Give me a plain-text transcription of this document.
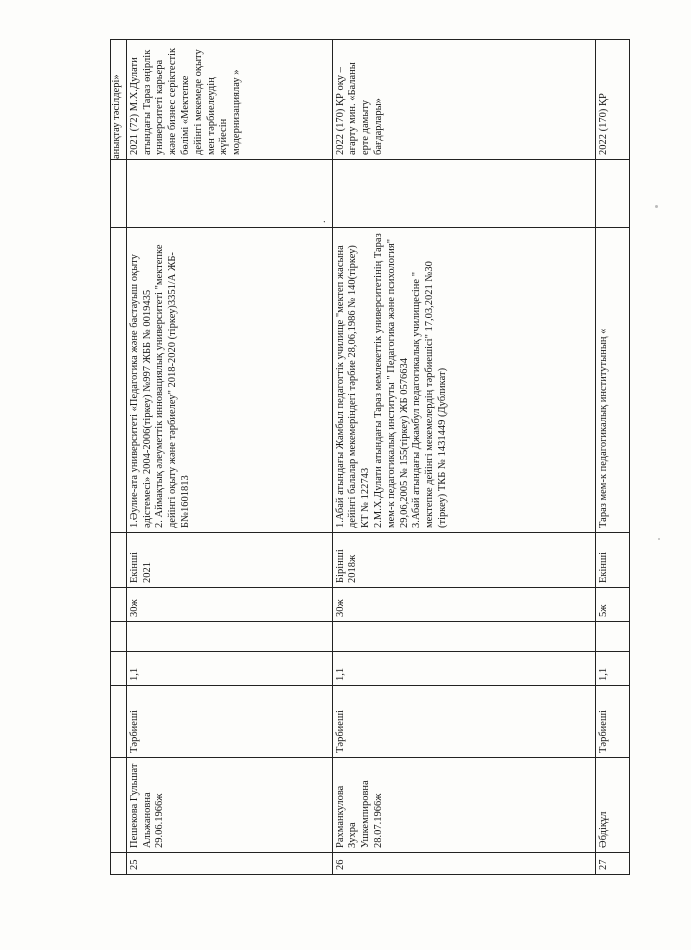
									анықтау тәсілдері»
25	Пешекова Гульшат Альжановна 29.06.1966ж	Тәрбиеші	1,1		30ж	Екінші 2021	1.Әулие-ата университеті «Педагогика және бастауыш оқыту әдістемесі» 2004-2006(тіркеу) №997 ЖББ № 0019435
2. Аймақтық әлеуметтік инновациялық университеті "мектепке дейінгі оқыту және тәрбиелеу" 2018-2020 (тіркеу)3351/А ЖБ-Б№1601813	.	2021 (72) М.Х.Дулати атындағы Тараз өңірлік университеті карьера және бизнес серіктестік бөлімі «Мектепке дейінгі мекемеде оқыту мен тәрбиелеудің жүйесін модернизациялау »
26	Рахманкулова Зухра Ушкемпировна 28.07.1966ж	Тәрбиеші	1,1		30ж	Бірінші 2018ж	1.Абай атындағы Жамбыл педагогтік училище "мектеп жасына дейінгі балалар мекемеріндегі тәрбие 28,06,1986 № 140(тіркеу) КТ № 122743
2.М.Х.Дулати атындағы Тараз мемлекеттік университетінің Тараз мем-к педагогикалық институты " Педагогика және психология" 29,06,2005 № 155(тіркеу) ЖБ 0576634
3.Абай атындағы Джамбул педагогикалық училищесіне " мектепке дейінгі мекемелердің тәрбиешісі" 17,03,2021 №30 (тіркеу) ТКБ № 1431449 (Дубликат)		2022 (170) ҚР оқу –ағарту мин. «Баланы ерте дамыту бағдарлары»
27	Әбдіқұл	Тәрбиеші	1,1		5ж	Екінші	Тараз мем-к педагогикалық институтының «		2022 (170) ҚР
